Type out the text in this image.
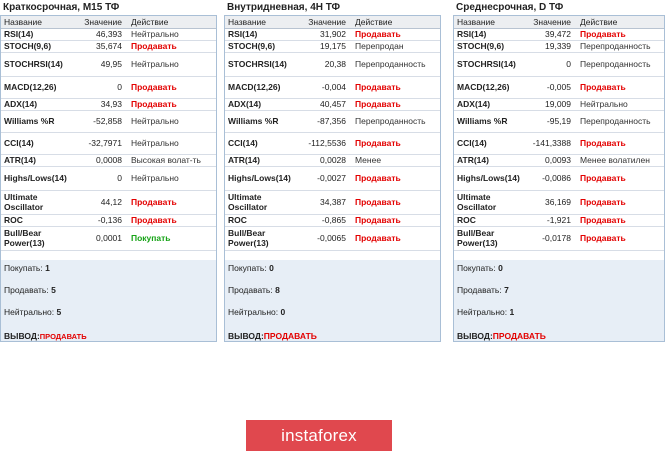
Краткосрочная, M15 ТФ
Название	Значение	Действие
RSI(14)	46,393	Нейтрально
STOCH(9,6)	35,674	Продавать
STOCHRSI(14)	49,95	Нейтрально
MACD(12,26)	0	Продавать
ADX(14)	34,93	Продавать
Williams %R	-52,858	Нейтрально
CCI(14)	-32,7971	Нейтрально
ATR(14)	0,0008	Высокая волат-ть
Highs/Lows(14)	0	Нейтрально
Ultimate Oscillator	44,12	Продавать
ROC	-0,136	Продавать
Bull/Bear Power(13)	0,0001	Покупать
Покупать: 1
Продавать: 5
Нейтрально: 5
ВЫВОД:ПРОДАВАТЬ
Внутридневная, 4H ТФ
Название	Значение	Действие
RSI(14)	31,902	Продавать
STOCH(9,6)	19,175	Перепродан
STOCHRSI(14)	20,38	Перепроданность
MACD(12,26)	-0,004	Продавать
ADX(14)	40,457	Продавать
Williams %R	-87,356	Перепроданность
CCI(14)	-112,5536	Продавать
ATR(14)	0,0028	Менее
Highs/Lows(14)	-0,0027	Продавать
Ultimate Oscillator	34,387	Продавать
ROC	-0,865	Продавать
Bull/Bear Power(13)	-0,0065	Продавать
Покупать: 0
Продавать: 8
Нейтрально: 0
ВЫВОД:ПРОДАВАТЬ
Среднесрочная, D ТФ
Название	Значение	Действие
RSI(14)	39,472	Продавать
STOCH(9,6)	19,339	Перепроданность
STOCHRSI(14)	0	Перепроданность
MACD(12,26)	-0,005	Продавать
ADX(14)	19,009	Нейтрально
Williams %R	-95,19	Перепроданность
CCI(14)	-141,3388	Продавать
ATR(14)	0,0093	Менее волатилен
Highs/Lows(14)	-0,0086	Продавать
Ultimate Oscillator	36,169	Продавать
ROC	-1,921	Продавать
Bull/Bear Power(13)	-0,0178	Продавать
Покупать: 0
Продавать: 7
Нейтрально: 1
ВЫВОД:ПРОДАВАТЬ
instaforex
